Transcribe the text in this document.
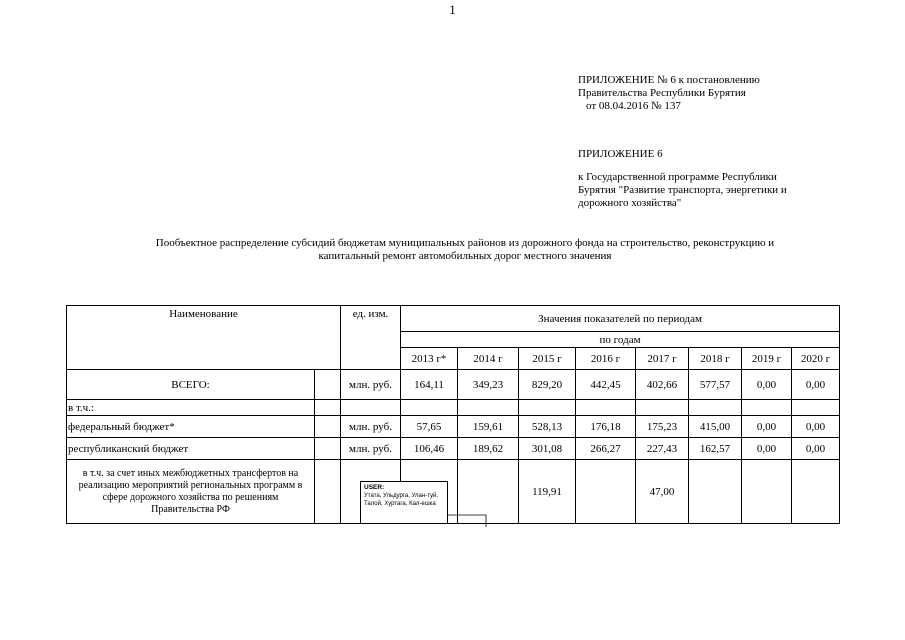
1
ПРИЛОЖЕНИЕ № 6 к постановлению
Правительства Республики Бурятия
от 08.04.2016 № 137
ПРИЛОЖЕНИЕ 6
к Государственной программе Республики
Бурятия "Развитие транспорта, энергетики и
дорожного хозяйства"
Пообъектное распределение субсидий бюджетам муниципальных районов из дорожного фонда на строительство, реконструкцию и
капитальный ремонт автомобильных дорог местного значения
Наименование		ед. изм.	Значения показателей по периодам							
			по годам							
			2013 г*	2014 г	2015 г	2016 г	2017 г	2018 г	2019 г	2020 г
ВСЕГО:		млн. руб.	164,11	349,23	829,20	442,45	402,66	577,57	0,00	0,00
в т.ч.:										
федеральный бюджет*		млн. руб.	57,65	159,61	528,13	176,18	175,23	415,00	0,00	0,00
республиканский бюджет		млн. руб.	106,46	189,62	301,08	266,27	227,43	162,57	0,00	0,00
в т.ч. за счет иных межбюджетных трансфертов на реализацию мероприятий региональных программ в сфере дорожного хозяйства по решениям Правительства РФ					119,91		47,00			
USER:
Утата, Ульдурга, Улан-туй, Талой, Хуртага, Кал-ешка
